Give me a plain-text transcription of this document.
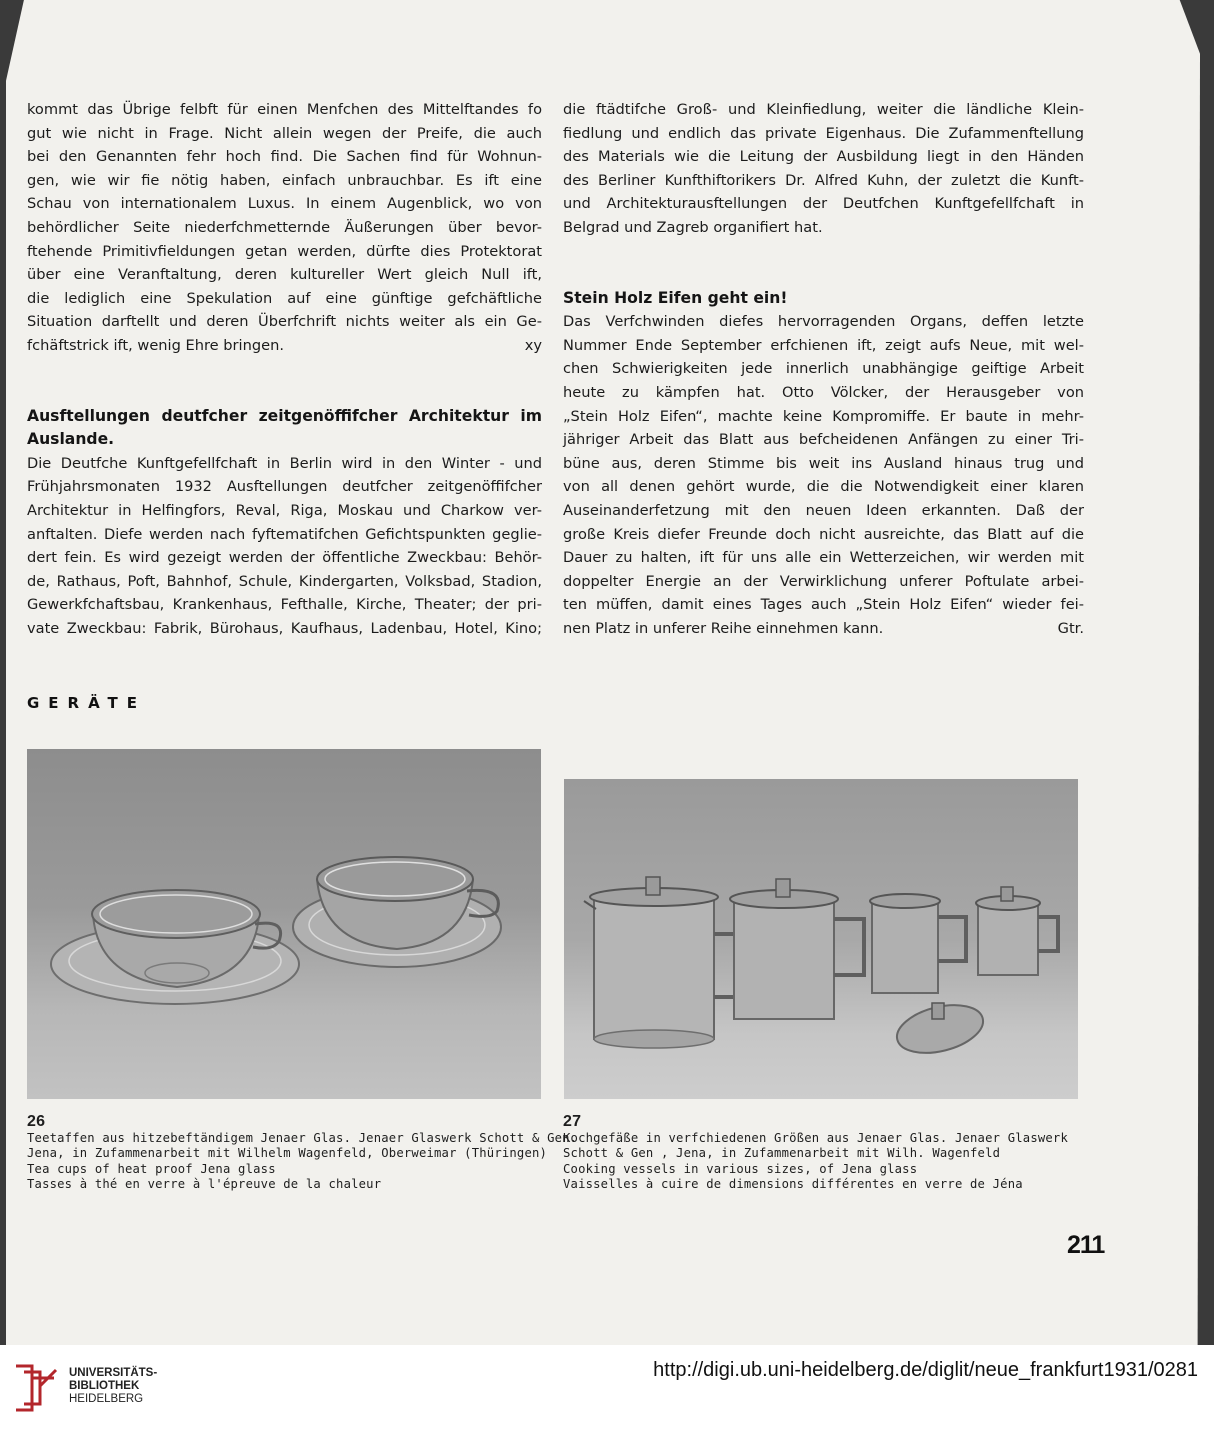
kommt das Übrige felbft für einen Menfchen des Mittelftandes fo
gut wie nicht in Frage. Nicht allein wegen der Preife, die auch
bei den Genannten fehr hoch find. Die Sachen find für Wohnun-
gen, wie wir fie nötig haben, einfach unbrauchbar. Es ift eine
Schau von internationalem Luxus. In einem Augenblick, wo von
behördlicher Seite niederfchmetternde Äußerungen über bevor-
ftehende Primitivfieldungen getan werden, dürfte dies Protektorat
über eine Veranftaltung, deren kultureller Wert gleich Null ift,
die lediglich eine Spekulation auf eine günftige gefchäftliche
Situation darftellt und deren Überfchrift nichts weiter als ein Ge-
fchäftstrick ift, wenig Ehre bringen.	xy

Ausftellungen deutfcher zeitgenöffifcher Architektur im
Auslande.

Die Deutfche Kunftgefellfchaft in Berlin wird in den Winter - und
Frühjahrsmonaten 1932 Ausftellungen deutfcher zeitgenöffifcher
Architektur in Helfingfors, Reval, Riga, Moskau und Charkow ver-
anftalten. Diefe werden nach fyftematifchen Gefichtspunkten geglie-
dert fein. Es wird gezeigt werden der öffentliche Zweckbau: Behör-
de, Rathaus, Poft, Bahnhof, Schule, Kindergarten, Volksbad, Stadion,
Gewerkfchaftsbau, Krankenhaus, Fefthalle, Kirche, Theater; der pri-
vate Zweckbau: Fabrik, Bürohaus, Kaufhaus, Ladenbau, Hotel, Kino;

die ftädtifche Groß- und Kleinfiedlung, weiter die ländliche Klein-
fiedlung und endlich das private Eigenhaus. Die Zufammenftellung
des Materials wie die Leitung der Ausbildung liegt in den Händen
des Berliner Kunfthiftorikers Dr. Alfred Kuhn, der zuletzt die Kunft-
und Architekturausftellungen der Deutfchen Kunftgefellfchaft in
Belgrad und Zagreb organifiert hat.

Stein Holz Eifen geht ein!

Das Verfchwinden diefes hervorragenden Organs, deffen letzte
Nummer Ende September erfchienen ift, zeigt aufs Neue, mit wel-
chen Schwierigkeiten jede innerlich unabhängige geiftige Arbeit
heute zu kämpfen hat. Otto Völcker, der Herausgeber von
„Stein Holz Eifen“, machte keine Kompromiffe. Er baute in mehr-
jähriger Arbeit das Blatt aus befcheidenen Anfängen zu einer Tri-
büne aus, deren Stimme bis weit ins Ausland hinaus trug und
von all denen gehört wurde, die die Notwendigkeit einer klaren
Auseinanderfetzung mit den neuen Ideen erkannten. Daß der
große Kreis diefer Freunde doch nicht ausreichte, das Blatt auf die
Dauer zu halten, ift für uns alle ein Wetterzeichen, wir werden mit
doppelter Energie an der Verwirklichung unferer Poftulate arbei-
ten müffen, damit eines Tages auch „Stein Holz Eifen“ wieder fei-
nen Platz in unferer Reihe einnehmen kann.	Gtr.

GERÄTE
26
Teetaffen aus hitzebeftändigem Jenaer Glas. Jenaer Glaswerk Schott & Gen.
Jena, in Zufammenarbeit mit Wilhelm Wagenfeld, Oberweimar (Thüringen)
Tea cups of heat proof Jena glass
Tasses à thé en verre à l'épreuve de la chaleur
27
Kochgefäße in verfchiedenen Größen aus Jenaer Glas. Jenaer Glaswerk
Schott & Gen , Jena, in Zufammenarbeit mit Wilh. Wagenfeld
Cooking vessels in various sizes, of Jena glass
Vaisselles à cuire de dimensions différentes en verre de Jéna
211
UNIVERSITÄTS-
BIBLIOTHEK
HEIDELBERG
http://digi.ub.uni-heidelberg.de/diglit/neue_frankfurt1931/0281
